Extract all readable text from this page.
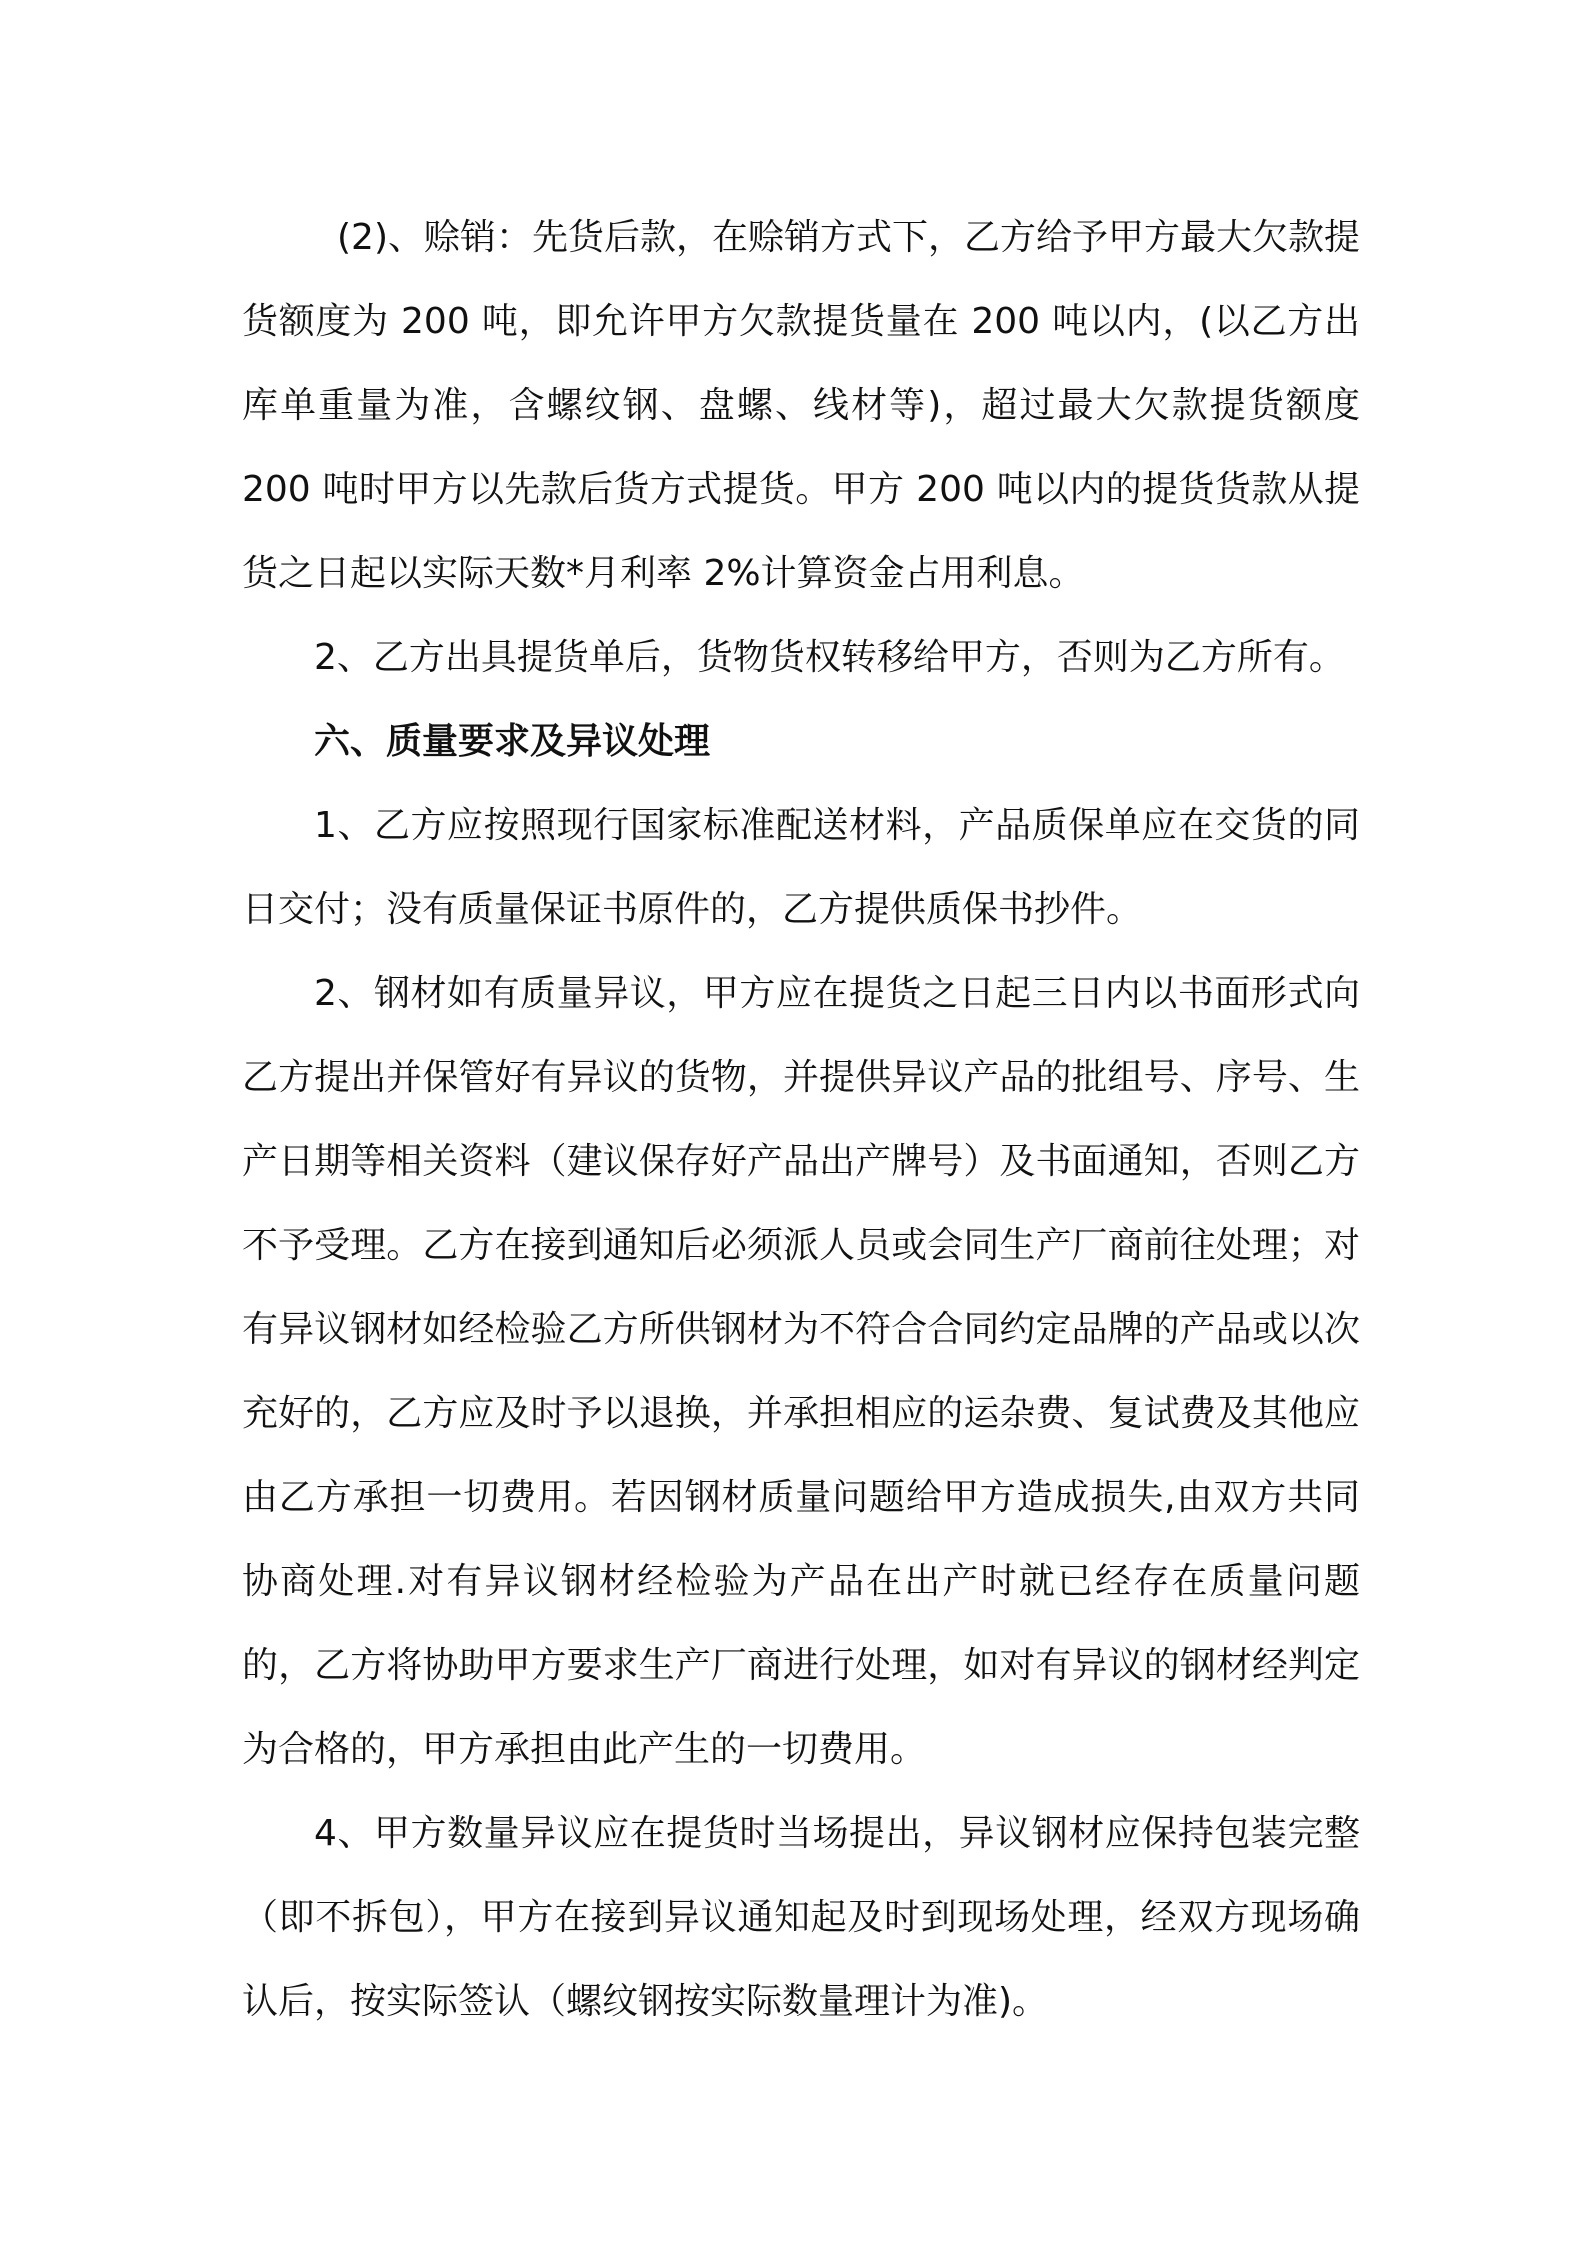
(2)、赊销：先货后款，在赊销方式下，乙方给予甲方最大欠款提货额度为 200 吨，即允许甲方欠款提货量在 200 吨以内，(以乙方出库单重量为准，含螺纹钢、盘螺、线材等)，超过最大欠款提货额度 200 吨时甲方以先款后货方式提货。甲方 200 吨以内的提货货款从提货之日起以实际天数*月利率 2%计算资金占用利息。

2、乙方出具提货单后，货物货权转移给甲方，否则为乙方所有。

六、质量要求及异议处理

1、乙方应按照现行国家标准配送材料，产品质保单应在交货的同日交付；没有质量保证书原件的，乙方提供质保书抄件。

2、钢材如有质量异议，甲方应在提货之日起三日内以书面形式向乙方提出并保管好有异议的货物，并提供异议产品的批组号、序号、生产日期等相关资料（建议保存好产品出产牌号）及书面通知，否则乙方不予受理。乙方在接到通知后必须派人员或会同生产厂商前往处理；对有异议钢材如经检验乙方所供钢材为不符合合同约定品牌的产品或以次充好的，乙方应及时予以退换，并承担相应的运杂费、复试费及其他应由乙方承担一切费用。若因钢材质量问题给甲方造成损失,由双方共同协商处理.对有异议钢材经检验为产品在出产时就已经存在质量问题的，乙方将协助甲方要求生产厂商进行处理，如对有异议的钢材经判定为合格的，甲方承担由此产生的一切费用。

4、甲方数量异议应在提货时当场提出，异议钢材应保持包装完整（即不拆包），甲方在接到异议通知起及时到现场处理，经双方现场确认后，按实际签认（螺纹钢按实际数量理计为准)。
